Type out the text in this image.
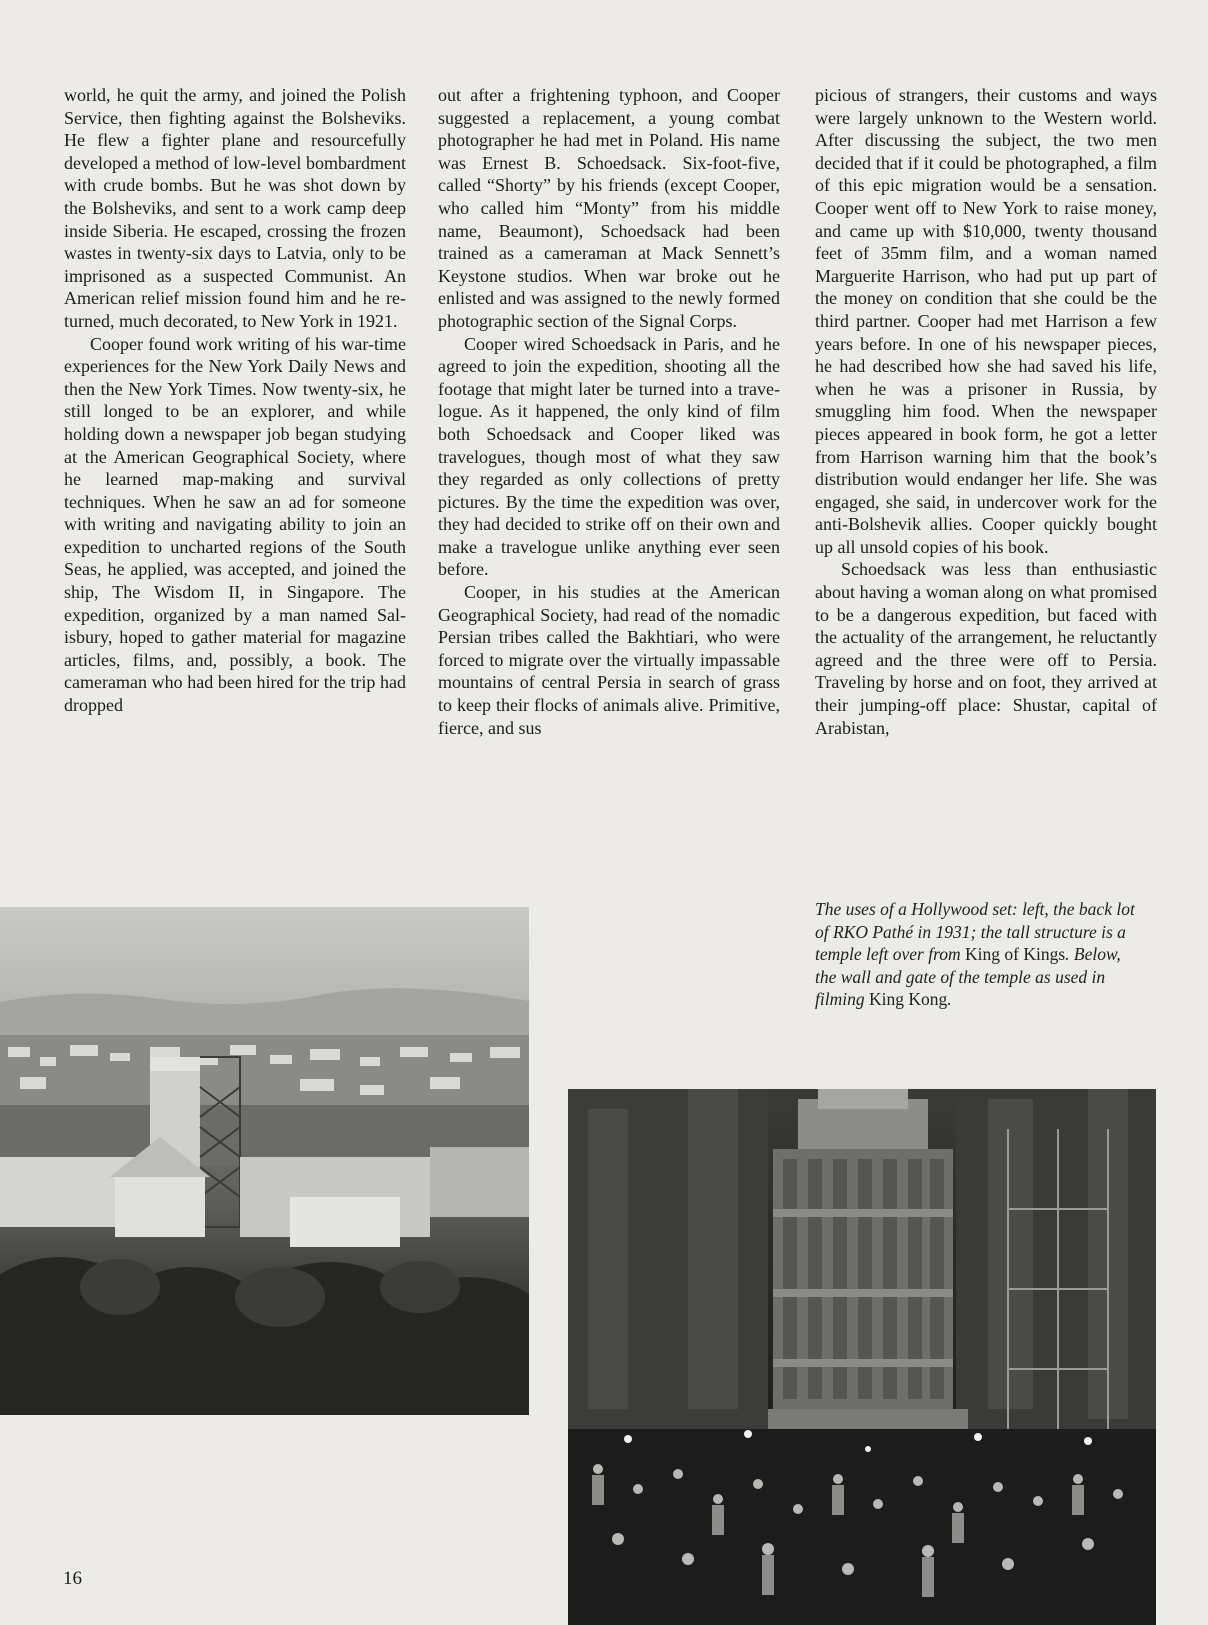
world, he quit the army, and joined the Polish Service, then fighting against the Bolsheviks. He flew a fighter plane and resourcefully developed a method of low-level bombardment with crude bombs. But he was shot down by the Bolsheviks, and sent to a work camp deep inside Siberia. He escaped, crossing the frozen wastes in twenty-six days to Latvia, only to be imprisoned as a suspected Communist. An American relief mission found him and he returned, much decorated, to New York in 1921.

Cooper found work writing of his war-time experiences for the New York Daily News and then the New York Times. Now twenty-six, he still longed to be an explorer, and while holding down a newspaper job began studying at the American Geographical Society, where he learned map-making and survival techniques. When he saw an ad for someone with writing and navigating ability to join an expedition to uncharted regions of the South Seas, he applied, was accepted, and joined the ship, The Wisdom II, in Singapore. The expedition, organized by a man named Salisbury, hoped to gather material for magazine articles, films, and, possibly, a book. The cameraman who had been hired for the trip had dropped

out after a frightening typhoon, and Cooper suggested a replacement, a young combat photographer he had met in Poland. His name was Ernest B. Schoedsack. Six-foot-five, called “Shorty” by his friends (except Cooper, who called him “Monty” from his middle name, Beaumont), Schoedsack had been trained as a cameraman at Mack Sennett’s Keystone studios. When war broke out he enlisted and was assigned to the newly formed photographic section of the Signal Corps.

Cooper wired Schoedsack in Paris, and he agreed to join the expedition, shooting all the footage that might later be turned into a travelogue. As it happened, the only kind of film both Schoedsack and Cooper liked was travelogues, though most of what they saw they regarded as only collections of pretty pictures. By the time the expedition was over, they had decided to strike off on their own and make a travelogue unlike anything ever seen before.

Cooper, in his studies at the American Geographical Society, had read of the nomadic Persian tribes called the Bakhtiari, who were forced to migrate over the virtually impassable mountains of central Persia in search of grass to keep their flocks of animals alive. Primitive, fierce, and sus

picious of strangers, their customs and ways were largely unknown to the Western world. After discussing the subject, the two men decided that if it could be photographed, a film of this epic migration would be a sensation. Cooper went off to New York to raise money, and came up with $10,000, twenty thousand feet of 35mm film, and a woman named Marguerite Harrison, who had put up part of the money on condition that she could be the third partner. Cooper had met Harrison a few years before. In one of his newspaper pieces, he had described how she had saved his life, when he was a prisoner in Russia, by smuggling him food. When the newspaper pieces appeared in book form, he got a letter from Harrison warning him that the book’s distribution would endanger her life. She was engaged, she said, in undercover work for the anti-Bolshevik allies. Cooper quickly bought up all unsold copies of his book.

Schoedsack was less than enthusiastic about having a woman along on what promised to be a dangerous expedition, but faced with the actuality of the arrangement, he reluctantly agreed and the three were off to Persia. Traveling by horse and on foot, they arrived at their jumping-off place: Shustar, capital of Arabistan,

The uses of a Hollywood set: left, the back lot of RKO Pathé in 1931; the tall structure is a temple left over from King of Kings. Below, the wall and gate of the temple as used in filming King Kong.
16
